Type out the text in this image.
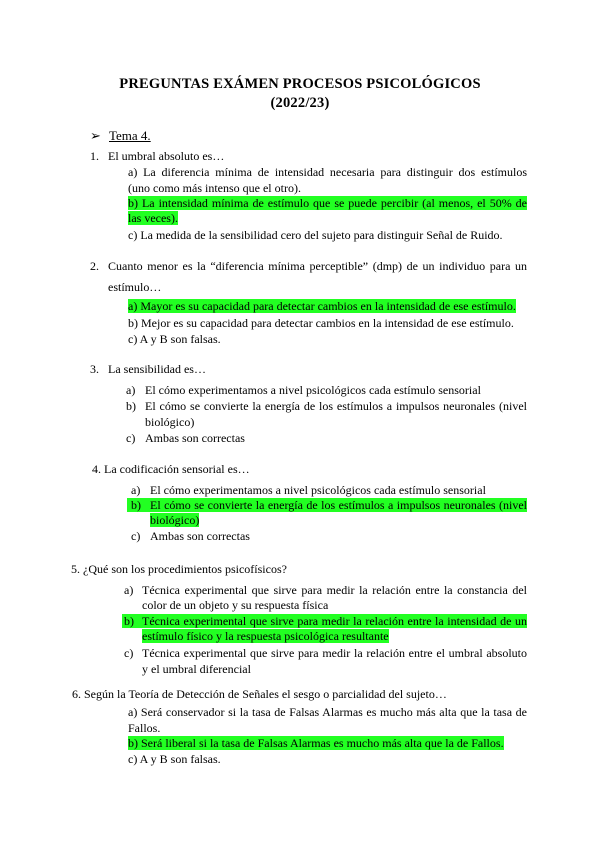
PREGUNTAS EXÁMEN PROCESOS PSICOLÓGICOS
(2022/23)
➢ Tema 4.
1. El umbral absoluto es…
a) La diferencia mínima de intensidad necesaria para distinguir dos estímulos
(uno como más intenso que el otro).
b) La intensidad mínima de estímulo que se puede percibir (al menos, el 50% de
las veces).
c) La medida de la sensibilidad cero del sujeto para distinguir Señal de Ruido.
2. Cuanto menor es la “diferencia mínima perceptible” (dmp) de un individuo para un
estímulo…
a) Mayor es su capacidad para detectar cambios en la intensidad de ese estímulo.
b) Mejor es su capacidad para detectar cambios en la intensidad de ese estímulo.
c) A y B son falsas.
3. La sensibilidad es…
a) El cómo experimentamos a nivel psicológicos cada estímulo sensorial
b) El cómo se convierte la energía de los estímulos a impulsos neuronales (nivel
biológico)
c) Ambas son correctas
4. La codificación sensorial es…
a) El cómo experimentamos a nivel psicológicos cada estímulo sensorial
b) El cómo se convierte la energía de los estímulos a impulsos neuronales (nivel
biológico)
c) Ambas son correctas
5. ¿Qué son los procedimientos psicofísicos?
a) Técnica experimental que sirve para medir la relación entre la constancia del
color de un objeto y su respuesta física
b) Técnica experimental que sirve para medir la relación entre la intensidad de un
estímulo físico y la respuesta psicológica resultante
c) Técnica experimental que sirve para medir la relación entre el umbral absoluto
y el umbral diferencial
6. Según la Teoría de Detección de Señales el sesgo o parcialidad del sujeto…
a) Será conservador si la tasa de Falsas Alarmas es mucho más alta que la tasa de
Fallos.
b) Será liberal si la tasa de Falsas Alarmas es mucho más alta que la de Fallos.
c) A y B son falsas.
